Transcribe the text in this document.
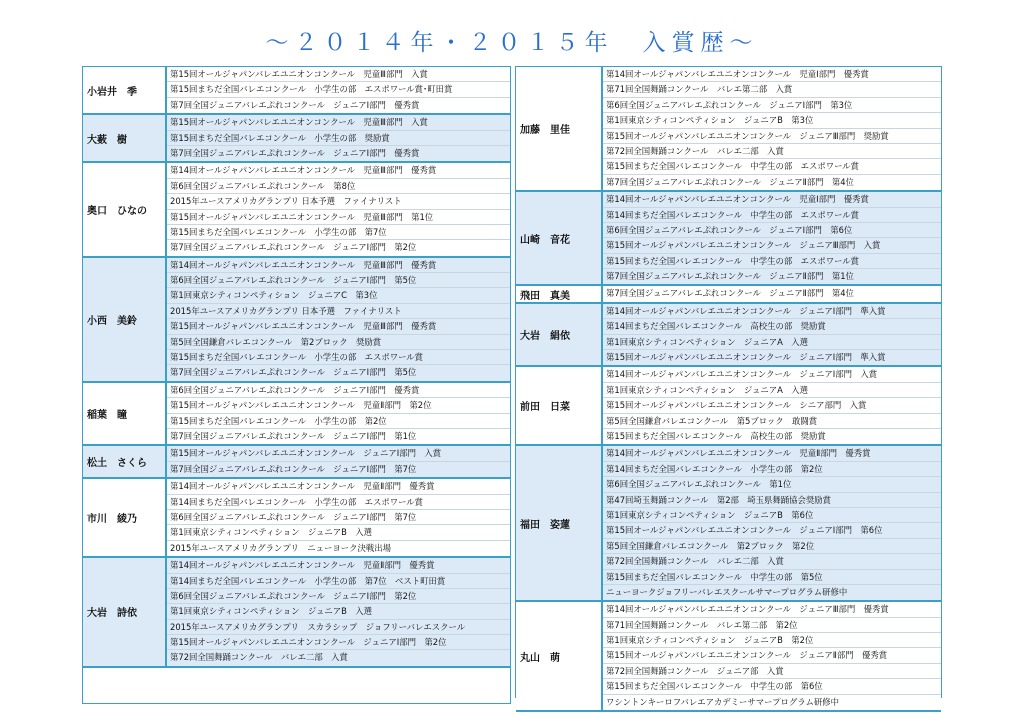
～２０１４年・２０１５年　入賞歴～
小岩井　季
第15回オールジャパンバレエユニオンコンクール　児童Ⅲ部門　入賞
第15回まちだ全国バレエコンクール　小学生の部　エスポワール賞･町田賞
第7回全国ジュニアバレエぷれコンクール　ジュニアⅠ部門　優秀賞
大薮　樹
第15回オールジャパンバレエユニオンコンクール　児童Ⅲ部門　入賞
第15回まちだ全国バレエコンクール　小学生の部　奨励賞
第7回全国ジュニアバレエぷれコンクール　ジュニアⅠ部門　優秀賞
奥口　ひなの
第14回オールジャパンバレエユニオンコンクール　児童Ⅲ部門　優秀賞
第6回全国ジュニアバレエぷれコンクール　第8位
2015年ユースアメリカグランプリ 日本予選　ファイナリスト
第15回オールジャパンバレエユニオンコンクール　児童Ⅲ部門　第1位
第15回まちだ全国バレエコンクール　小学生の部　第7位
第7回全国ジュニアバレエぷれコンクール　ジュニアⅠ部門　第2位
小西　美鈴
第14回オールジャパンバレエユニオンコンクール　児童Ⅲ部門　優秀賞
第6回全国ジュニアバレエぷれコンクール　ジュニアⅠ部門　第5位
第1回東京シティコンペティション　ジュニアC　第3位
2015年ユースアメリカグランプリ 日本予選　ファイナリスト
第15回オールジャパンバレエユニオンコンクール　児童Ⅲ部門　優秀賞
第5回全国鎌倉バレエコンクール　第2ブロック　奨励賞
第15回まちだ全国バレエコンクール　小学生の部　エスポワール賞
第7回全国ジュニアバレエぷれコンクール　ジュニアⅠ部門　第5位
稲葉　瞳
第6回全国ジュニアバレエぷれコンクール　ジュニアⅠ部門　優秀賞
第15回オールジャパンバレエユニオンコンクール　児童Ⅱ部門　第2位
第15回まちだ全国バレエコンクール　小学生の部　第2位
第7回全国ジュニアバレエぷれコンクール　ジュニアⅠ部門　第1位
松土　さくら
第15回オールジャパンバレエユニオンコンクール　ジュニアⅠ部門　入賞
第7回全国ジュニアバレエぷれコンクール　ジュニアⅠ部門　第7位
市川　綾乃
第14回オールジャパンバレエユニオンコンクール　児童Ⅱ部門　優秀賞
第14回まちだ全国バレエコンクール　小学生の部　エスポワール賞
第6回全国ジュニアバレエぷれコンクール　ジュニアⅠ部門　第7位
第1回東京シティコンペティション　ジュニアB　入選
2015年ユースアメリカグランプリ　ニューヨーク決戦出場
大岩　詩依
第14回オールジャパンバレエユニオンコンクール　児童Ⅱ部門　優秀賞
第14回まちだ全国バレエコンクール　小学生の部　第7位　ベスト町田賞
第6回全国ジュニアバレエぷれコンクール　ジュニアⅠ部門　第2位
第1回東京シティコンペティション　ジュニアB　入選
2015年ユースアメリカグランプリ　スカラシップ　ジョフリーバレエスクール
第15回オールジャパンバレエユニオンコンクール　ジュニアⅠ部門　第2位
第72回全国舞踊コンクール　バレエ二部　入賞
加藤　里佳
第14回オールジャパンバレエユニオンコンクール　児童Ⅰ部門　優秀賞
第71回全国舞踊コンクール　バレエ第二部　入賞
第6回全国ジュニアバレエぷれコンクール　ジュニアⅠ部門　第3位
第1回東京シティコンペティション　ジュニアB　第3位
第15回オールジャパンバレエユニオンコンクール　ジュニアⅢ部門　奨励賞
第72回全国舞踊コンクール　バレエ二部　入賞
第15回まちだ全国バレエコンクール　中学生の部　エスポワール賞
第7回全国ジュニアバレエぷれコンクール　ジュニアⅡ部門　第4位
山崎　音花
第14回オールジャパンバレエユニオンコンクール　児童Ⅰ部門　優秀賞
第14回まちだ全国バレエコンクール　中学生の部　エスポワール賞
第6回全国ジュニアバレエぷれコンクール　ジュニアⅠ部門　第6位
第15回オールジャパンバレエユニオンコンクール　ジュニアⅢ部門　入賞
第15回まちだ全国バレエコンクール　中学生の部　エスポワール賞
第7回全国ジュニアバレエぷれコンクール　ジュニアⅡ部門　第1位
飛田　真美	第7回全国ジュニアバレエぷれコンクール　ジュニアⅡ部門　第4位
大岩　絹依
第14回オールジャパンバレエユニオンコンクール　ジュニアⅠ部門　準入賞
第14回まちだ全国バレエコンクール　高校生の部　奨励賞
第1回東京シティコンペティション　ジュニアA　入選
第15回オールジャパンバレエユニオンコンクール　ジュニアⅠ部門　準入賞
前田　日菜
第14回オールジャパンバレエユニオンコンクール　ジュニアⅠ部門　入賞
第1回東京シティコンペティション　ジュニアA　入選
第15回オールジャパンバレエユニオンコンクール　シニア部門　入賞
第5回全国鎌倉バレエコンクール　第5ブロック　敢闘賞
第15回まちだ全国バレエコンクール　高校生の部　奨励賞
福田　姿蓮
第14回オールジャパンバレエユニオンコンクール　児童Ⅱ部門　優秀賞
第14回まちだ全国バレエコンクール　小学生の部　第2位
第6回全国ジュニアバレエぷれコンクール　第1位
第47回埼玉舞踊コンクール　第2部　埼玉県舞踊協会奨励賞
第1回東京シティコンペティション　ジュニアB　第6位
第15回オールジャパンバレエユニオンコンクール　ジュニアⅠ部門　第6位
第5回全国鎌倉バレエコンクール　第2ブロック　第2位
第72回全国舞踊コンクール　バレエ二部　入賞
第15回まちだ全国バレエコンクール　中学生の部　第5位
ニューヨークジョフリーバレエスクールサマープログラム研修中
丸山　萌
第14回オールジャパンバレエユニオンコンクール　ジュニアⅢ部門　優秀賞
第71回全国舞踊コンクール　バレエ第二部　第2位
第1回東京シティコンペティション　ジュニアB　第2位
第15回オールジャパンバレエユニオンコンクール　ジュニアⅡ部門　優秀賞
第72回全国舞踊コンクール　ジュニア部　入賞
第15回まちだ全国バレエコンクール　中学生の部　第6位
ワシントンキーロフバレエアカデミーサマープログラム研修中
